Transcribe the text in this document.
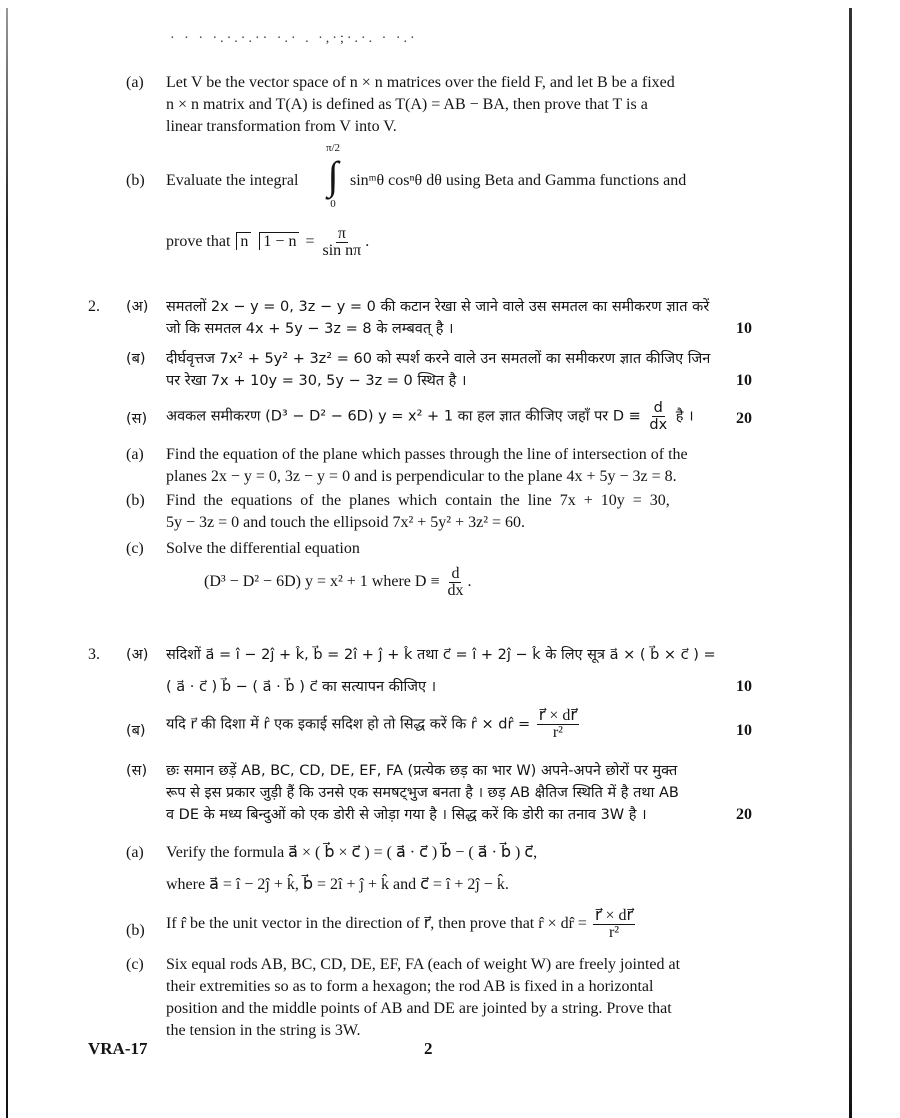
· · · ·.·.·.·· ·.· . ·,·;·.·. · ·.·
(a) Let V be the vector space of n × n matrices over the field F, and let B be a fixed
n × n matrix and T(A) is defined as T(A) = AB − BA, then prove that T is a
linear transformation from V into V.
π/2
∫
0
(b) Evaluate the integral	sinᵐθ cosⁿθ dθ using Beta and Gamma functions and
prove that n $1 - n = \frac{\pi}{\text{sin nπ}}$ .
2. (अ) समतलों 2x − y = 0, 3z − y = 0 की कटान रेखा से जाने वाले उस समतल का समीकरण ज्ञात करें
जो कि समतल 4x + 5y − 3z = 8 के लम्बवत् है ।	10
(ब) दीर्घवृत्तज 7x² + 5y² + 3z² = 60 को स्पर्श करने वाले उन समतलों का समीकरण ज्ञात कीजिए जिन
पर रेखा 7x + 10y = 30, 5y − 3z = 0 स्थित है ।	10
(स) अवकल समीकरण (D³ − D² − 6D) y = x² + 1 का हल ज्ञात कीजिए जहाँ पर $D \equiv \frac{d}{dx}$ है ।	20
(a) Find the equation of the plane which passes through the line of intersection of the
planes 2x − y = 0, 3z − y = 0 and is perpendicular to the plane 4x + 5y − 3z = 8.
(b) Find the equations of the planes which contain the line 7x + 10y = 30,
5y − 3z = 0 and touch the ellipsoid 7x² + 5y² + 3z² = 60.
(c) Solve the differential equation
(D³ − D² − 6D) y = x² + 1 where $D \equiv \frac{d}{dx}$ .
3. (अ) सदिशों a⃗ = î − 2ĵ + k̂, b⃗ = 2î + ĵ + k̂ तथा c⃗ = î + 2ĵ − k̂ के लिए सूत्र a⃗ × ( b⃗ × c⃗ ) =
( a⃗ · c⃗ ) b⃗ − ( a⃗ · b⃗ ) c⃗ का सत्यापन कीजिए ।	10
(ब) यदि r⃗ की दिशा में r̂ एक इकाई सदिश हो तो सिद्ध करें कि r̂ × dr̂ = $\frac{r⃗ \times dr⃗}{\text{r²}}$	10
(स) छः समान छड़ें AB, BC, CD, DE, EF, FA (प्रत्येक छड़ का भार W) अपने-अपने छोरों पर मुक्त
रूप से इस प्रकार जुड़ी हैं कि उनसे एक समषट्भुज बनता है । छड़ AB क्षैतिज स्थिति में है तथा AB
व DE के मध्य बिन्दुओं को एक डोरी से जोड़ा गया है । सिद्ध करें कि डोरी का तनाव 3W है ।	20
(a) Verify the formula a⃗ × ( b⃗ × c⃗ ) = ( a⃗ · c⃗ ) b⃗ − ( a⃗ · b⃗ ) c⃗,
where a⃗ = î − 2ĵ + k̂, b⃗ = 2î + ĵ + k̂ and c⃗ = î + 2ĵ − k̂.
(b) If r̂ be the unit vector in the direction of r⃗, then prove that r̂ × dr̂ = $\frac{r⃗ \times dr⃗}{\text{r²}}$
(c) Six equal rods AB, BC, CD, DE, EF, FA (each of weight W) are freely jointed at
their extremities so as to form a hexagon; the rod AB is fixed in a horizontal
position and the middle points of AB and DE are jointed by a string. Prove that
the tension in the string is 3W.
VRA-17	2
